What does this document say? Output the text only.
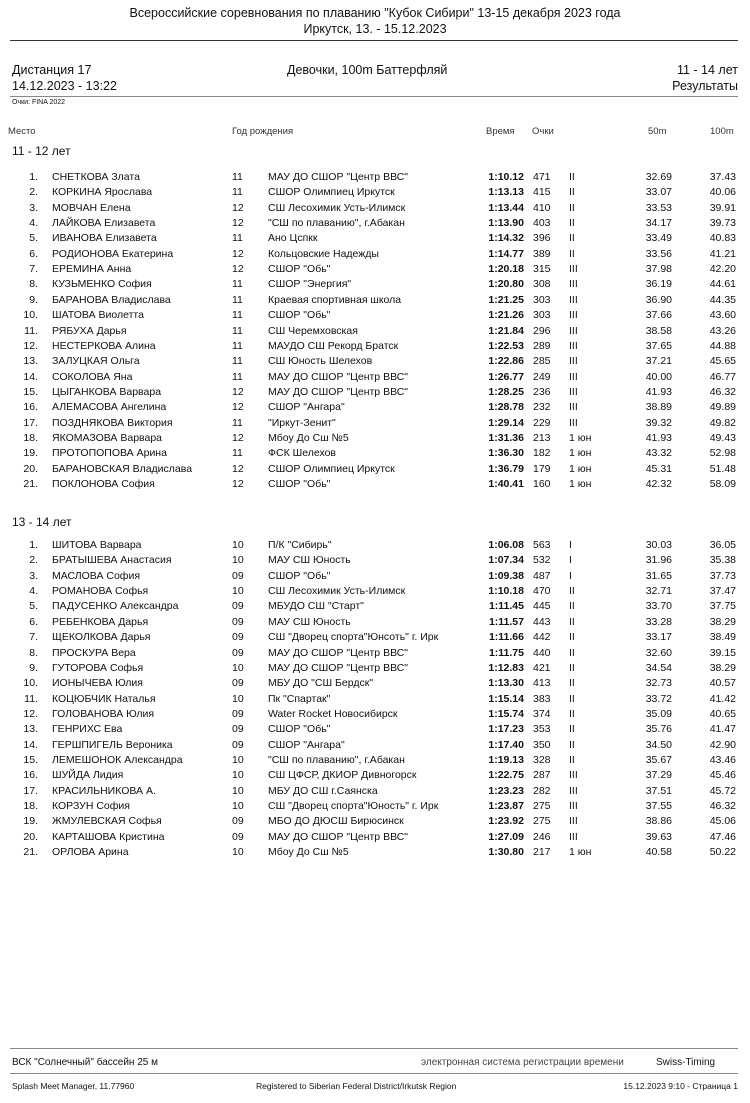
Всероссийские соревнования по плаванию "Кубок Сибири" 13-15 декабря 2023 года
Иркутск, 13. - 15.12.2023
Дистанция 17	Девочки, 100m Баттерфляй	11 - 14 лет
14.12.2023 - 13:22	Результаты
Очки: FINA 2022
Место	Год рождения	Время Очки	50m	100m
11 - 12 лет
1. СНЕТКОВА Злата	11 МАУ ДО СШОР "Центр ВВС"	1:10.12 471 II	32.69	37.43
2. КОРКИНА Ярослава	11 СШОР Олимпиец Иркутск	1:13.13 415 II	33.07	40.06
3. МОВЧАН Елена	12 СШ Лесохимик Усть-Илимск	1:13.44 410 II	33.53	39.91
4. ЛАЙКОВА Елизавета	12 "СШ по плаванию", г.Абакан	1:13.90 403 II	34.17	39.73
5. ИВАНОВА Елизавета	11 Ано Цспкк	1:14.32 396 II	33.49	40.83
6. РОДИОНОВА Екатерина	12 Кольцовские Надежды	1:14.77 389 II	33.56	41.21
7. ЕРЕМИНА Анна	12 СШОР "Обь"	1:20.18 315 III	37.98	42.20
8. КУЗЬМЕНКО София	11 СШОР "Энергия"	1:20.80 308 III	36.19	44.61
9. БАРАНОВА Владислава	11 Краевая спортивная школа	1:21.25 303 III	36.90	44.35
10. ШАТОВА Виолетта	11 СШОР "Обь"	1:21.26 303 III	37.66	43.60
11. РЯБУХА Дарья	11 СШ Черемховская	1:21.84 296 III	38.58	43.26
12. НЕСТЕРКОВА Алина	11 МАУДО СШ Рекорд Братск	1:22.53 289 III	37.65	44.88
13. ЗАЛУЦКАЯ Ольга	11 СШ Юность Шелехов	1:22.86 285 III	37.21	45.65
14. СОКОЛОВА Яна	11 МАУ ДО СШОР "Центр ВВС"	1:26.77 249 III	40.00	46.77
15. ЦЫГАНКОВА Варвара	12 МАУ ДО СШОР "Центр ВВС"	1:28.25 236 III	41.93	46.32
16. АЛЕМАСОВА Ангелина	12 СШОР "Ангара"	1:28.78 232 III	38.89	49.89
17. ПОЗДНЯКОВА Виктория	11 "Иркут-Зенит"	1:29.14 229 III	39.32	49.82
18. ЯКОМАЗОВА Варвара	12 Мбоу До Сш №5	1:31.36 213 1 юн	41.93	49.43
19. ПРОТОПОПОВА Арина	11 ФСК Шелехов	1:36.30 182 1 юн	43.32	52.98
20. БАРАНОВСКАЯ Владислава	12 СШОР Олимпиец Иркутск	1:36.79 179 1 юн	45.31	51.48
21. ПОКЛОНОВА София	12 СШОР "Обь"	1:40.41 160 1 юн	42.32	58.09
13 - 14 лет
1. ШИТОВА Варвара	10 П/К "Сибирь"	1:06.08 563 I	30.03	36.05
2. БРАТЫШЕВА Анастасия	10 МАУ СШ Юность	1:07.34 532 I	31.96	35.38
3. МАСЛОВА София	09 СШОР "Обь"	1:09.38 487 I	31.65	37.73
4. РОМАНОВА Софья	10 СШ Лесохимик Усть-Илимск	1:10.18 470 II	32.71	37.47
5. ПАДУСЕНКО Александра	09 МБУДО СШ "Старт"	1:11.45 445 II	33.70	37.75
6. РЕБЕНКОВА Дарья	09 МАУ СШ Юность	1:11.57 443 II	33.28	38.29
7. ЩЕКОЛКОВА Дарья	09 СШ "Дворец спорта"Юнсоть" г. Ирк	1:11.66 442 II	33.17	38.49
8. ПРОСКУРА Вера	09 МАУ ДО СШОР "Центр ВВС"	1:11.75 440 II	32.60	39.15
9. ГУТОРОВА Софья	10 МАУ ДО СШОР "Центр ВВС"	1:12.83 421 II	34.54	38.29
10. ИОНЫЧЕВА Юлия	09 МБУ ДО "СШ Бердск"	1:13.30 413 II	32.73	40.57
11. КОЦЮБЧИК Наталья	10 Пк "Спартак"	1:15.14 383 II	33.72	41.42
12. ГОЛОВАНОВА Юлия	09 Water Rocket Новосибирск	1:15.74 374 II	35.09	40.65
13. ГЕНРИХС Ева	09 СШОР "Обь"	1:17.23 353 II	35.76	41.47
14. ГЕРШПИГЕЛЬ Вероника	09 СШОР "Ангара"	1:17.40 350 II	34.50	42.90
15. ЛЕМЕШОНОК Александра	10 "СШ по плаванию", г.Абакан	1:19.13 328 II	35.67	43.46
16. ШУЙДА Лидия	10 СШ ЦФСР, ДКИОР Дивногорск	1:22.75 287 III	37.29	45.46
17. КРАСИЛЬНИКОВА А.	10 МБУ ДО СШ г.Саянска	1:23.23 282 III	37.51	45.72
18. КОРЗУН София	10 СШ "Дворец спорта"Юность" г. Ирк	1:23.87 275 III	37.55	46.32
19. ЖМУЛЕВСКАЯ Софья	09 МБО ДО ДЮСШ Бирюсинск	1:23.92 275 III	38.86	45.06
20. КАРТАШОВА Кристина	09 МАУ ДО СШОР "Центр ВВС"	1:27.09 246 III	39.63	47.46
21. ОРЛОВА Арина	10 Мбоу До Сш №5	1:30.80 217 1 юн	40.58	50.22
ВСК "Солнечный" бассейн 25 м	электронная система регистрации времени	Swiss-Timing
Splash Meet Manager, 11.77960	Registered to Siberian Federal District/Irkutsk Region	15.12.2023 9:10 - Страница 1
